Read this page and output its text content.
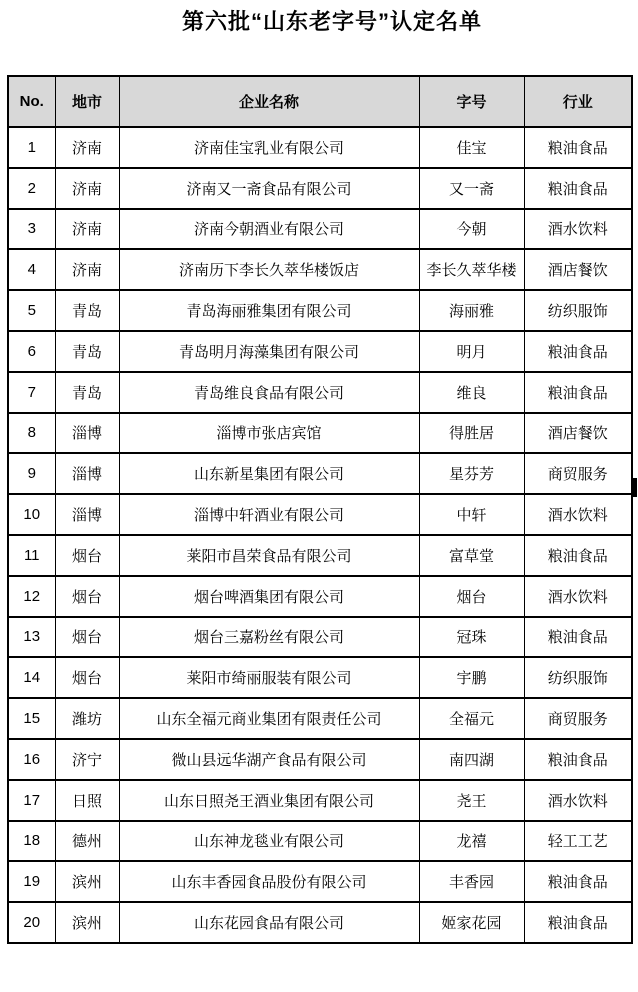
第六批“山东老字号”认定名单
No.	地市	企业名称	字号	行业
1	济南	济南佳宝乳业有限公司	佳宝	粮油食品
2	济南	济南又一斋食品有限公司	又一斋	粮油食品
3	济南	济南今朝酒业有限公司	今朝	酒水饮料
4	济南	济南历下李长久萃华楼饭店	李长久萃华楼	酒店餐饮
5	青岛	青岛海丽雅集团有限公司	海丽雅	纺织服饰
6	青岛	青岛明月海藻集团有限公司	明月	粮油食品
7	青岛	青岛维良食品有限公司	维良	粮油食品
8	淄博	淄博市张店宾馆	得胜居	酒店餐饮
9	淄博	山东新星集团有限公司	星芬芳	商贸服务
10	淄博	淄博中轩酒业有限公司	中轩	酒水饮料
11	烟台	莱阳市昌荣食品有限公司	富草堂	粮油食品
12	烟台	烟台啤酒集团有限公司	烟台	酒水饮料
13	烟台	烟台三嘉粉丝有限公司	冠珠	粮油食品
14	烟台	莱阳市绮丽服装有限公司	宇鹏	纺织服饰
15	潍坊	山东全福元商业集团有限责任公司	全福元	商贸服务
16	济宁	微山县远华湖产食品有限公司	南四湖	粮油食品
17	日照	山东日照尧王酒业集团有限公司	尧王	酒水饮料
18	德州	山东神龙毯业有限公司	龙禧	轻工工艺
19	滨州	山东丰香园食品股份有限公司	丰香园	粮油食品
20	滨州	山东花园食品有限公司	姬家花园	粮油食品
